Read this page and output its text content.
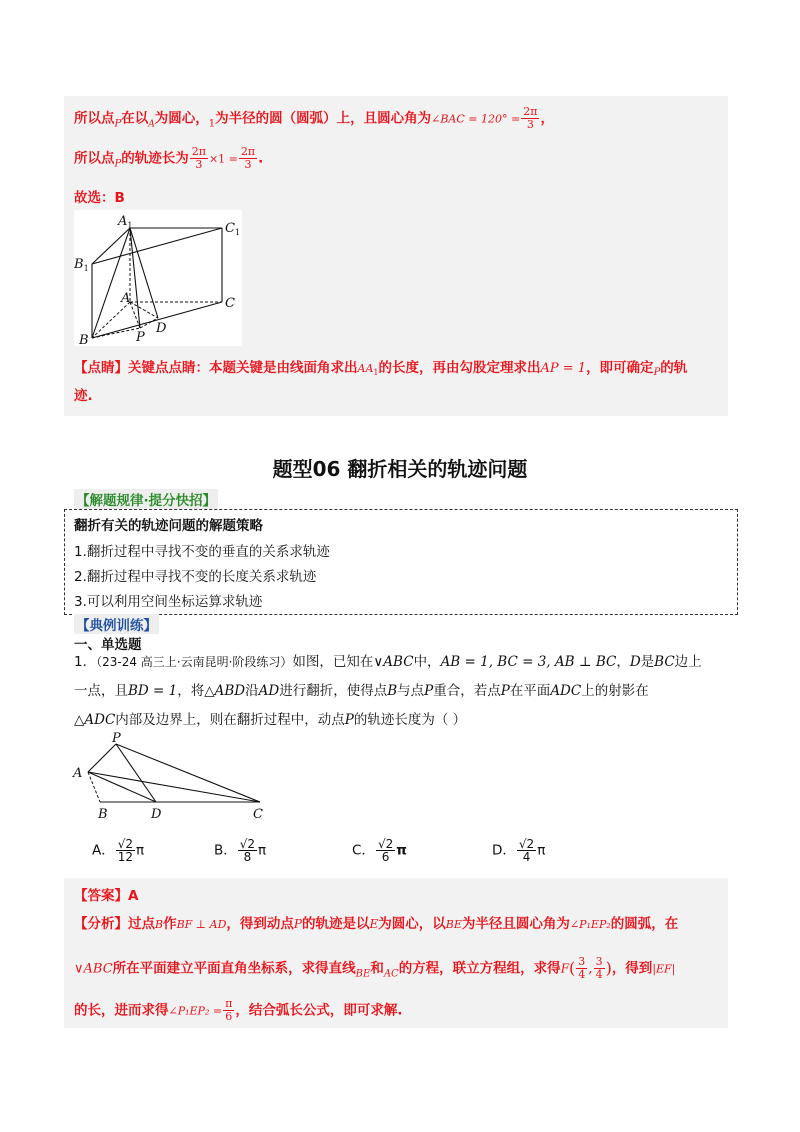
所以点$_P$在以$_A$为圆心，$_1$为半径的圆（圆弧）上，且圆心角为∠BAC = $120^\circ = \frac{2\pi}{3}$ ，
所以点$_P$的轨迹长为 $\frac{2\pi}{3} \times 1 = \frac{2\pi}{3}$ .
故选：B
$A_1$	$C_1$
$B_1$
A	C
B	P
D
【点睛】关键点点睛：本题关键是由线面角求出$AA_1$的长度，再由勾股定理求出AP = 1，即可确定$_P$的轨
迹.
题型06 翻折相关的轨迹问题
【解题规律·提分快招】
翻折有关的轨迹问题的解题策略
1.翻折过程中寻找不变的垂直的关系求轨迹
2.翻折过程中寻找不变的长度关系求轨迹
3.可以利用空间坐标运算求轨迹
【典例训练】
一、单选题
1．（23-24 高三上·云南昆明·阶段练习）如图，已知在∨ABC中，AB = 1, BC = 3, AB ⊥ BC，D是BC边上
一点，且BD = 1，将△ABD沿AD进行翻折，使得点B与点P重合，若点P在平面ADC上的射影在
△ADC内部及边界上，则在翻折过程中，动点P的轨迹长度为（ ）
P
A
B	D	C
A． $\frac{√2}{12}$ π	B． $\frac{√2}{8}$ π	C． $\frac{√2}{6}$ π	D． $\frac{√2}{4}$ π
【答案】A
【分析】过点B作BF ⊥ AD，得到动点P的轨迹是以E为圆心，以BE为半径且圆心角为∠P₁EP₂的圆弧，在
∨ABC所在平面建立平面直角坐标系，求得直线$_{BE}$和$_{AC}$的方程，联立方程组，求得$F( \frac{3}{4}$ , $\frac{3}{4}$ )，得到|EF|
的长，进而求得∠P₁EP₂ = $\frac{\pi}{6}$ ，结合弧长公式，即可求解.
